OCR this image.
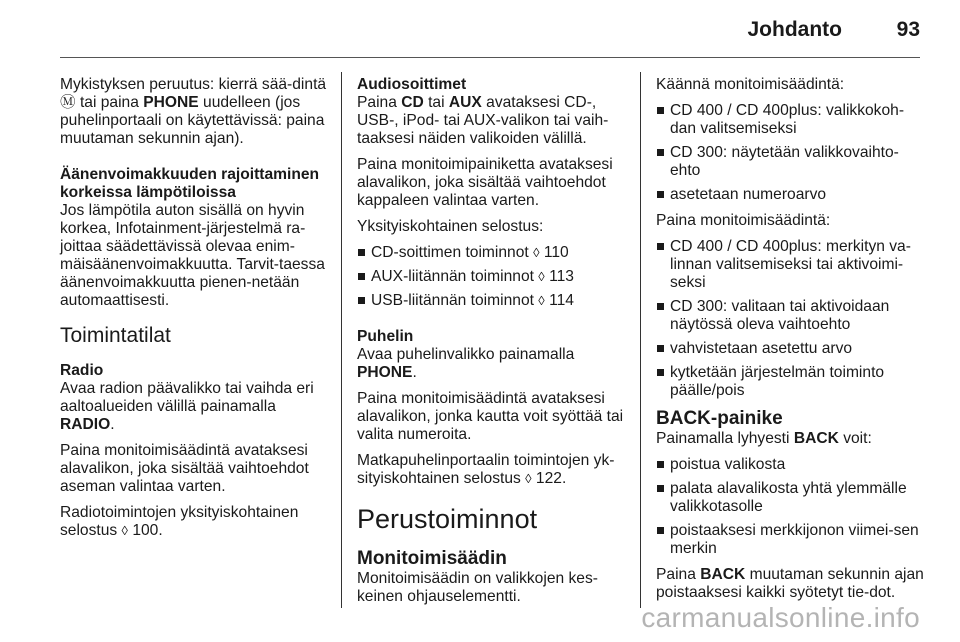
Johdanto	93

Mykistyksen peruutus: kierrä sää-dintä Ⓜ tai paina PHONE uudelleen (jos puhelinportaali on käytettävissä: paina muutaman sekunnin ajan).

Äänenvoimakkuuden rajoittaminen korkeissa lämpötiloissa

Jos lämpötila auton sisällä on hyvin korkea, Infotainment-järjestelmä ra-joittaa säädettävissä olevaa enim-mäisäänenvoimakkuutta. Tarvit-taessa äänenvoimakkuutta pienen-netään automaattisesti.

Toimintatilat

Radio

Avaa radion päävalikko tai vaihda eri aaltoalueiden välillä painamalla RADIO.

Paina monitoimisäädintä avataksesi alavalikon, joka sisältää vaihtoehdot aseman valintaa varten.

Radiotoimintojen yksityiskohtainen selostus ◊ 100.

Audiosoittimet

Paina CD tai AUX avataksesi CD-, USB-, iPod- tai AUX-valikon tai vaih-taaksesi näiden valikoiden välillä.

Paina monitoimipainiketta avataksesi alavalikon, joka sisältää vaihtoehdot kappaleen valintaa varten.

Yksityiskohtainen selostus:

CD-soittimen toiminnot ◊ 110
AUX-liitännän toiminnot ◊ 113
USB-liitännän toiminnot ◊ 114

Puhelin

Avaa puhelinvalikko painamalla PHONE.

Paina monitoimisäädintä avataksesi alavalikon, jonka kautta voit syöttää tai valita numeroita.

Matkapuhelinportaalin toimintojen yk-sityiskohtainen selostus ◊ 122.

Perustoiminnot

Monitoimisäädin

Monitoimisäädin on valikkojen kes-keinen ohjauselementti.

Käännä monitoimisäädintä:

CD 400 / CD 400plus: valikkokoh-dan valitsemiseksi
CD 300: näytetään valikkovaihto-ehto
asetetaan numeroarvo

Paina monitoimisäädintä:

CD 400 / CD 400plus: merkityn va-linnan valitsemiseksi tai aktivoimi-seksi
CD 300: valitaan tai aktivoidaan näytössä oleva vaihtoehto
vahvistetaan asetettu arvo
kytketään järjestelmän toiminto päälle/pois

BACK-painike

Painamalla lyhyesti BACK voit:

poistua valikosta
palata alavalikosta yhtä ylemmälle valikkotasolle
poistaaksesi merkkijonon viimei-sen merkin

Paina BACK muutaman sekunnin ajan poistaaksesi kaikki syötetyt tie-dot.

carmanualsonline.info
